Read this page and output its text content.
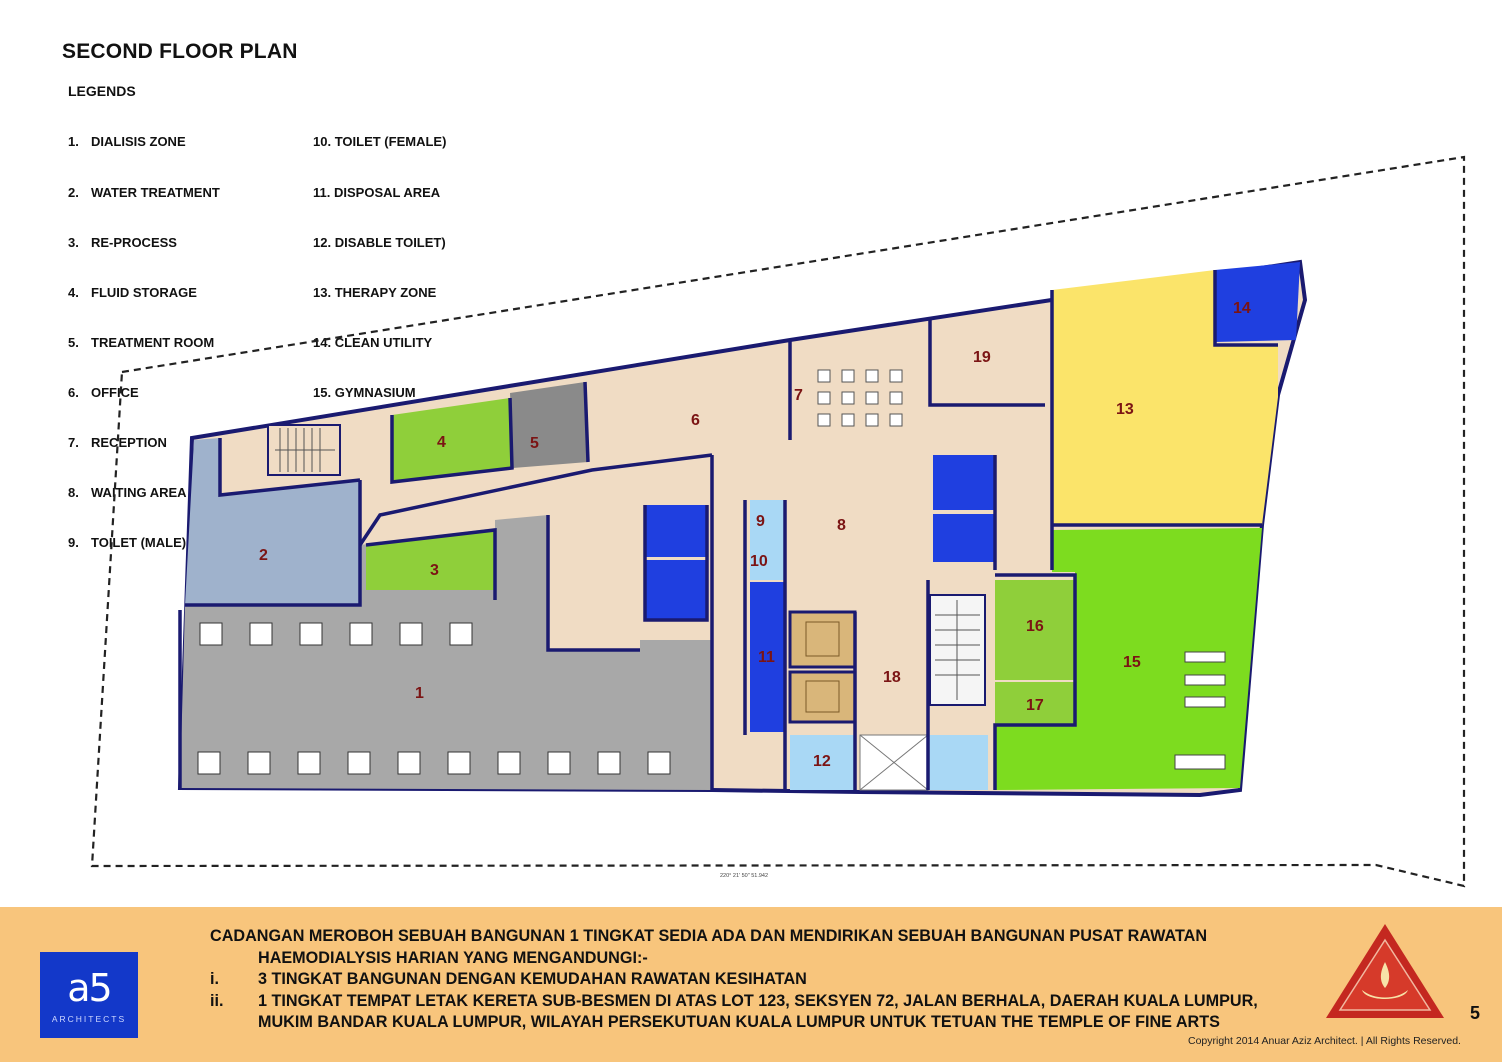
SECOND FLOOR PLAN
LEGENDS

1. DIALISIS ZONE

2. WATER TREATMENT

3. RE-PROCESS

4. FLUID STORAGE

5. TREATMENT ROOM

6. OFFICE

7. RECEPTION

8. WAITING AREA

9. TOILET (MALE)

10. TOILET (FEMALE)

11. DISPOSAL AREA

12. DISABLE TOILET)

13. THERAPY ZONE

14. CLEAN UTILITY

15. GYMNASIUM

220° 21' 50" 51.942
1
2
3
4	5
6
7
8
9
10
11
12
13
14
15
16
17
18
19
a5
ARCHITECTS
CADANGAN MEROBOH SEBUAH BANGUNAN 1 TINGKAT SEDIA ADA DAN MENDIRIKAN SEBUAH BANGUNAN PUSAT RAWATAN
HAEMODIALYSIS HARIAN YANG MENGANDUNGI:-
i. 3 TINGKAT BANGUNAN DENGAN KEMUDAHAN RAWATAN KESIHATAN
ii. 1 TINGKAT TEMPAT LETAK KERETA SUB-BESMEN DI ATAS LOT 123, SEKSYEN 72, JALAN BERHALA, DAERAH KUALA LUMPUR, MUKIM BANDAR KUALA LUMPUR, WILAYAH PERSEKUTUAN KUALA LUMPUR UNTUK TETUAN THE TEMPLE OF FINE ARTS	5
Copyright 2014 Anuar Aziz Architect. | All Rights Reserved.
